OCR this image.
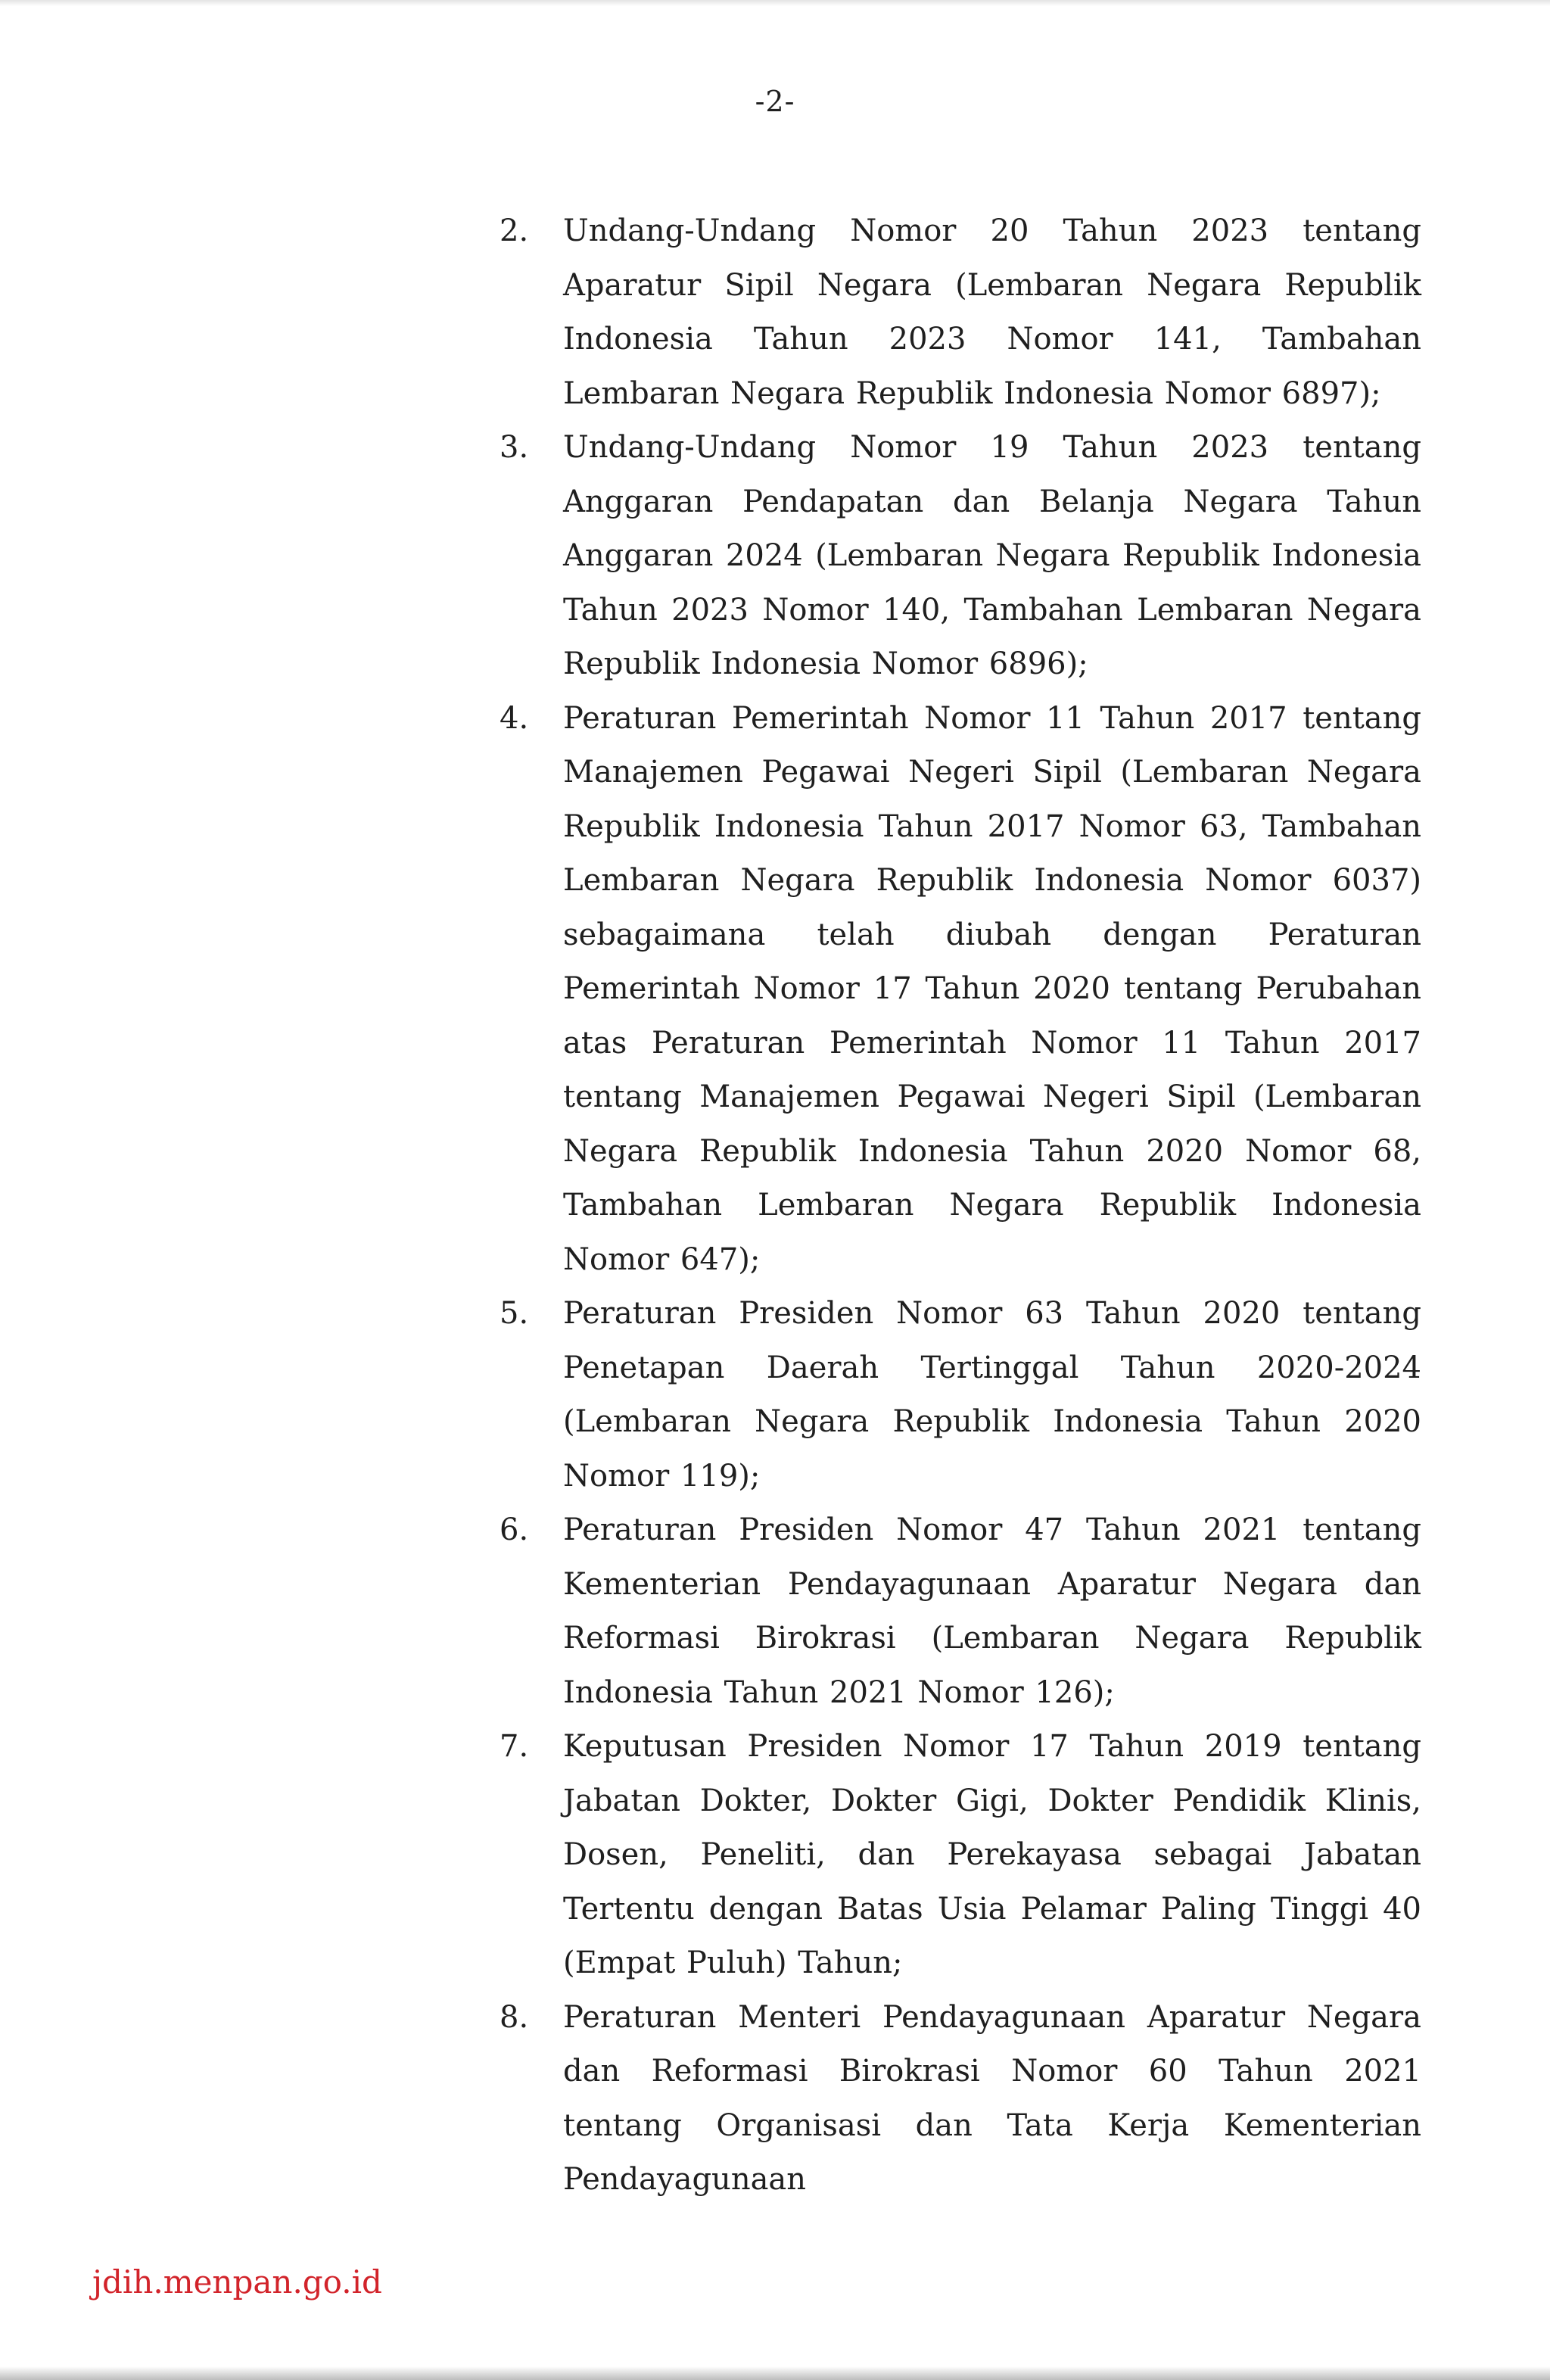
-2-
2.	Undang-Undang Nomor 20 Tahun 2023 tentang Aparatur Sipil Negara (Lembaran Negara Republik Indonesia Tahun 2023 Nomor 141, Tambahan Lembaran Negara Republik Indonesia Nomor 6897);
3.	Undang-Undang Nomor 19 Tahun 2023 tentang Anggaran Pendapatan dan Belanja Negara Tahun Anggaran 2024 (Lembaran Negara Republik Indonesia Tahun 2023 Nomor 140, Tambahan Lembaran Negara Republik Indonesia Nomor 6896);
4.	Peraturan Pemerintah Nomor 11 Tahun 2017 tentang Manajemen Pegawai Negeri Sipil (Lembaran Negara Republik Indonesia Tahun 2017 Nomor 63, Tambahan Lembaran Negara Republik Indonesia Nomor 6037) sebagaimana telah diubah dengan Peraturan Pemerintah Nomor 17 Tahun 2020 tentang Perubahan atas Peraturan Pemerintah Nomor 11 Tahun 2017 tentang Manajemen Pegawai Negeri Sipil (Lembaran Negara Republik Indonesia Tahun 2020 Nomor 68, Tambahan Lembaran Negara Republik Indonesia Nomor 647);
5.	Peraturan Presiden Nomor 63 Tahun 2020 tentang Penetapan Daerah Tertinggal Tahun 2020-2024 (Lembaran Negara Republik Indonesia Tahun 2020 Nomor 119);
6.	Peraturan Presiden Nomor 47 Tahun 2021 tentang Kementerian Pendayagunaan Aparatur Negara dan Reformasi Birokrasi (Lembaran Negara Republik Indonesia Tahun 2021 Nomor 126);
7.	Keputusan Presiden Nomor 17 Tahun 2019 tentang Jabatan Dokter, Dokter Gigi, Dokter Pendidik Klinis, Dosen, Peneliti, dan Perekayasa sebagai Jabatan Tertentu dengan Batas Usia Pelamar Paling Tinggi 40 (Empat Puluh) Tahun;
8.	Peraturan Menteri Pendayagunaan Aparatur Negara dan Reformasi Birokrasi Nomor 60 Tahun 2021 tentang Organisasi dan Tata Kerja Kementerian Pendayagunaan
jdih.menpan.go.id
